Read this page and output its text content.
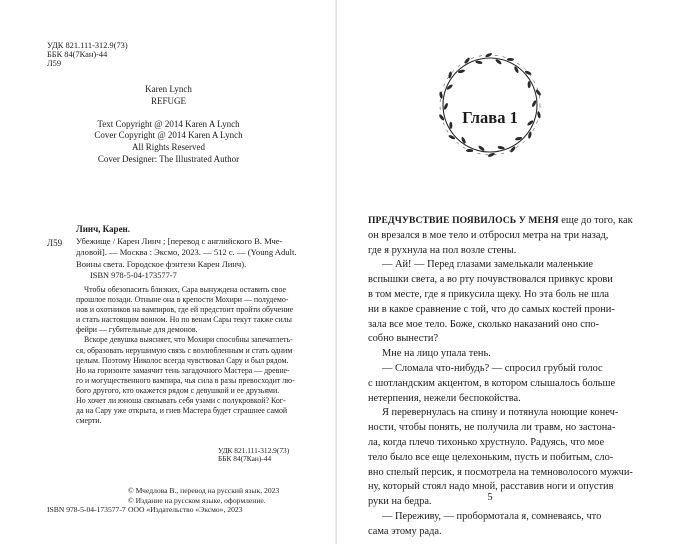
УДК 821.111-312.9(73)
ББК 84(7Кан)-44
Л59
Karen Lynch
REFUGE

Text Copyright @ 2014 Karen A Lynch
Cover Copyright @ 2014 Karen A Lynch
All Rights Reserved
Cover Designer: The Illustrated Author
Линч, Карен.
Л59 Убежище / Карен Линч ; [перевод с английского В. Мче-
дловой]. — Москва : Эксмо, 2023. — 512 с. — (Young Adult.
Воины света. Городское фэнтези Карен Линч).
ISBN 978-5-04-173577-7
Чтобы обезопасить близких, Сара вынуждена оставить свое
прошлое позади. Отныне она в крепости Мохири — полудемо-
нов и охотников на вампиров, где ей предстоит пройти обучение
и стать настоящим воином. Но по венам Сары текут также силы
фейри — губительные для демонов.
Вскоре девушка выясняет, что Мохири способны запечатлеть-
ся, образовать нерушимую связь с возлюбленным и стать одним
целым. Поэтому Николос всегда чувствовал Сару и был рядом.
Но на горизонте замаячит тень загадочного Мастера — древне-
го и могущественного вампира, чья сила в разы превосходит лю-
бого другого, кто окажется рядом с девушкой и ее друзьями.
Но хочет ли юноша связывать себя узами с полукровкой? Ког-
да на Сару уже открыта, и гнев Мастера будет страшнее самой
смерти.
УДК 821.111-312.9(73)
ББК 84(7Кан)-44
© Мчедлова В., перевод на русский язык, 2023
© Издание на русском языке, оформление.
ООО «Издательство «Эксмо», 2023
ISBN 978-5-04-173577-7
Глава 1
ПРЕДЧУВСТВИЕ ПОЯВИЛОСЬ У МЕНЯ еще до того, как
он врезался в мое тело и отбросил метра на три назад,
где я рухнула на пол возле стены.
— Ай! — Перед глазами замелькали маленькие
вспышки света, а во рту почувствовался привкус крови
в том месте, где я прикусила щеку. Но эта боль не шла
ни в какое сравнение с той, что до самых костей прони-
зала все мое тело. Боже, сколько наказаний оно спо-
собно вынести?
Мне на лицо упала тень.
— Сломала что-нибудь? — спросил грубый голос
с шотландским акцентом, в котором слышалось больше
нетерпения, нежели беспокойства.
Я перевернулась на спину и потянула ноющие конеч-
ности, чтобы понять, не получила ли травм, но застона-
ла, когда плечо тихонько хрустнуло. Радуясь, что мое
тело было все еще целехоньким, пусть и побитым, сло-
вно спелый персик, я посмотрела на темноволосого мужчи-
ну, который стоял надо мной, расставив ноги и опустив
руки на бедра.
— Переживу, — пробормотала я, сомневаясь, что
сама этому рада.
5
